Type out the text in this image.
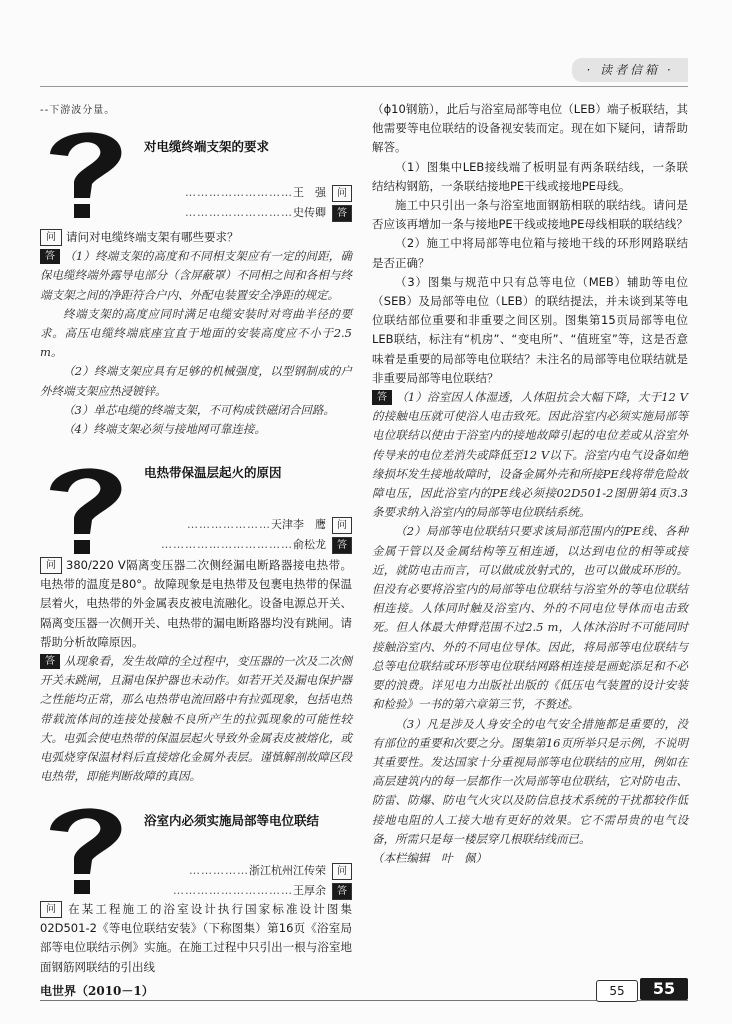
· 读者信箱 ·
--下游波分量。
对电缆终端支架的要求
………………………王　强 问
………………………史传卿 答

问 请问对电缆终端支架有哪些要求？

答 （1）终端支架的高度和不同相支架应有一定的间距，确保电缆终端外露导电部分（含屏蔽罩）不同相之间和各相与终端支架之间的净距符合户内、外配电装置安全净距的规定。

终端支架的高度应同时满足电缆安装时对弯曲半径的要求。高压电缆终端底座宜直于地面的安装高度应不小于2.5 m。

（2）终端支架应具有足够的机械强度，以型钢制成的户外终端支架应热浸镀锌。

（3）单芯电缆的终端支架，不可构成铁磁闭合回路。

（4）终端支架必须与接地网可靠连接。

电热带保温层起火的原因
…………………天津李　鹰 问
……………………………俞松龙 答

问 380/220 V隔离变压器二次侧经漏电断路器接电热带。电热带的温度是80°。故障现象是电热带及包裹电热带的保温层着火，电热带的外金属表皮被电流融化。设备电源总开关、隔离变压器一次侧开关、电热带的漏电断路器均没有跳闸。请帮助分析故障原因。

答 从现象看，发生故障的全过程中，变压器的一次及二次侧开关未跳闸，且漏电保护器也未动作。如若开关及漏电保护器之性能均正常，那么电热带电流回路中有拉弧现象，包括电热带载流体间的连接处接触不良所产生的拉弧现象的可能性较大。电弧会使电热带的保温层起火导致外金属表皮被熔化，或电弧烧穿保温材料后直接熔化金属外表层。谨慎解剖故障区段电热带，即能判断故障的真因。

浴室内必须实施局部等电位联结
……………浙江杭州江传荣 问
…………………………王厚余 答

问 在某工程施工的浴室设计执行国家标准设计图集02D501-2《等电位联结安装》（下称图集）第16页《浴室局部等电位联结示例》实施。在施工过程中只引出一根与浴室地面钢筋网联结的引出线

（ϕ10钢筋），此后与浴室局部等电位（LEB）端子板联结，其他需要等电位联结的设备视安装而定。现在如下疑问，请帮助解答。

（1）图集中LEB接线端了板明显有两条联结线，一条联结结构钢筋，一条联结接地PE干线或接地PE母线。

施工中只引出一条与浴室地面钢筋相联的联结线。请问是否应该再增加一条与接地PE干线或接地PE母线相联的联结线？

（2）施工中将局部等电位箱与接地干线的环形网路联结是否正确？

（3）图集与规范中只有总等电位（MEB）辅助等电位（SEB）及局部等电位（LEB）的联结提法，并未谈到某等电位联结部位重要和非重要之间区别。图集第15页局部等电位LEB联结，标注有“机房”、“变电所”、“值班室”等，这是否意味着是重要的局部等电位联结？未注名的局部等电位联结就是非重要局部等电位联结？

答 （1）浴室因人体湿透，人体阻抗会大幅下降，大于12 V的接触电压就可使浴人电击致死。因此浴室内必须实施局部等电位联结以使由于浴室内的接地故障引起的电位差或从浴室外传导来的电位差消失或降低至12 V以下。浴室内电气设备如绝缘损坏发生接地故障时，设备金属外壳和所接PE线将带危险故障电压，因此浴室内的PE线必须接02D501-2图册第4页3.3条要求纳入浴室内的局部等电位联结系统。

（2）局部等电位联结只要求该局部范围内的PE线、各种金属干管以及金属结构等互相连通，以达到电位的相等或接近，就防电击而言，可以做成放射式的，也可以做成环形的。但没有必要将浴室内的局部等电位联结与浴室外的等电位联结相连接。人体同时触及浴室内、外的不同电位导体而电击致死。但人体最大伸臂范围不过2.5 m，人体沐浴时不可能同时接触浴室内、外的不同电位导体。因此，将局部等电位联结与总等电位联结或环形等电位联结网路相连接是画蛇添足和不必要的浪费。详见电力出版社出版的《低压电气装置的设计安装和检验》一书的第六章第三节，不赘述。

（3）凡是涉及人身安全的电气安全措施都是重要的，没有部位的重要和次要之分。图集第16页所举只是示例，不说明其重要性。发达国家十分重视局部等电位联结的应用，例如在高层建筑内的每一层都作一次局部等电位联结，它对防电击、防雷、防爆、防电气火灾以及防信息技术系统的干扰都较作低接地电阻的人工接大地有更好的效果。它不需昂贵的电气设备，所需只是每一楼层穿几根联结线而已。

（本栏编辑　叶　佩）

电世界（2010－1）	55	55
